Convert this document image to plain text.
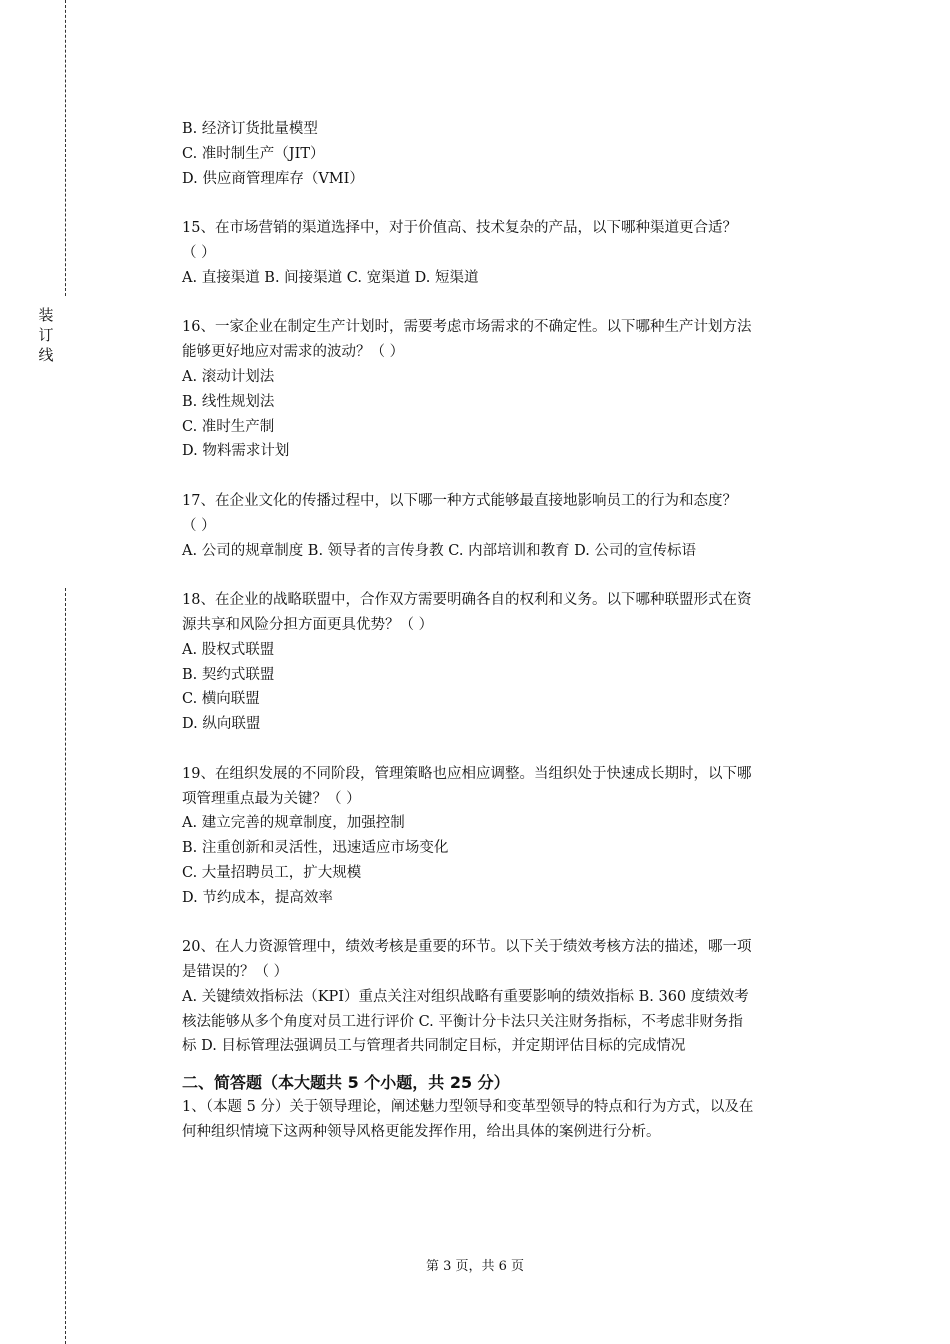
装
订
线
B. 经济订货批量模型
C. 准时制生产（JIT）
D. 供应商管理库存（VMI）
15、在市场营销的渠道选择中，对于价值高、技术复杂的产品，以下哪种渠道更合适？
（ ）
A. 直接渠道 B. 间接渠道 C. 宽渠道 D. 短渠道
16、一家企业在制定生产计划时，需要考虑市场需求的不确定性。以下哪种生产计划方法
能够更好地应对需求的波动？（ ）
A. 滚动计划法
B. 线性规划法
C. 准时生产制
D. 物料需求计划
17、在企业文化的传播过程中，以下哪一种方式能够最直接地影响员工的行为和态度？
（ ）
A. 公司的规章制度 B. 领导者的言传身教 C. 内部培训和教育 D. 公司的宣传标语
18、在企业的战略联盟中，合作双方需要明确各自的权利和义务。以下哪种联盟形式在资
源共享和风险分担方面更具优势？（ ）
A. 股权式联盟
B. 契约式联盟
C. 横向联盟
D. 纵向联盟
19、在组织发展的不同阶段，管理策略也应相应调整。当组织处于快速成长期时，以下哪
项管理重点最为关键？（ ）
A. 建立完善的规章制度，加强控制
B. 注重创新和灵活性，迅速适应市场变化
C. 大量招聘员工，扩大规模
D. 节约成本，提高效率
20、在人力资源管理中，绩效考核是重要的环节。以下关于绩效考核方法的描述，哪一项
是错误的？（ ）
A. 关键绩效指标法（KPI）重点关注对组织战略有重要影响的绩效指标 B. 360 度绩效考
核法能够从多个角度对员工进行评价 C. 平衡计分卡法只关注财务指标，不考虑非财务指
标 D. 目标管理法强调员工与管理者共同制定目标，并定期评估目标的完成情况
二、简答题（本大题共 5 个小题，共 25 分）
1、（本题 5 分）关于领导理论，阐述魅力型领导和变革型领导的特点和行为方式，以及在
何种组织情境下这两种领导风格更能发挥作用，给出具体的案例进行分析。
第 3 页，共 6 页
